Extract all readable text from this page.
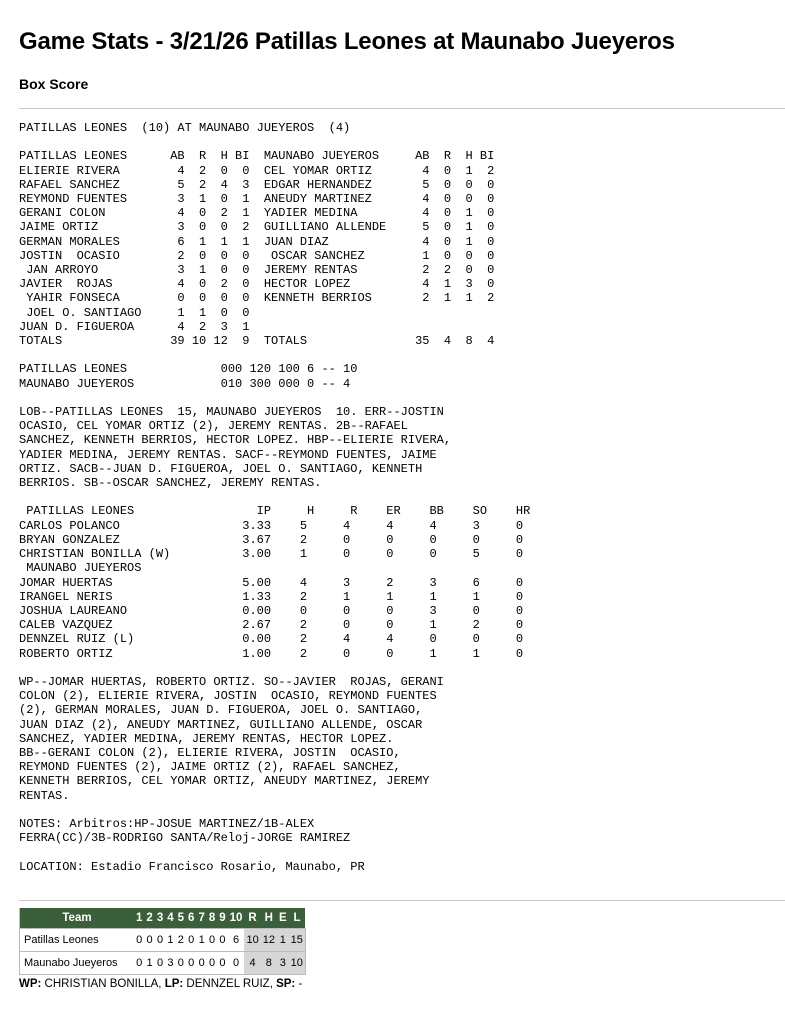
Game Stats - 3/21/26 Patillas Leones at Maunabo Jueyeros
Box Score
PATILLAS LEONES  (10) AT MAUNABO JUEYEROS  (4)

PATILLAS LEONES      AB  R  H BI  MAUNABO JUEYEROS     AB  R  H BI
ELIERIE RIVERA        4  2  0  0  CEL YOMAR ORTIZ       4  0  1  2
RAFAEL SANCHEZ        5  2  4  3  EDGAR HERNANDEZ       5  0  0  0
REYMOND FUENTES       3  1  0  1  ANEUDY MARTINEZ       4  0  0  0
GERANI COLON          4  0  2  1  YADIER MEDINA         4  0  1  0
JAIME ORTIZ           3  0  0  2  GUILLIANO ALLENDE     5  0  1  0
GERMAN MORALES        6  1  1  1  JUAN DIAZ             4  0  1  0
JOSTIN  OCASIO        2  0  0  0   OSCAR SANCHEZ        1  0  0  0
JAN ARROYO           3  1  0  0  JEREMY RENTAS         2  2  0  0
JAVIER  ROJAS         4  0  2  0  HECTOR LOPEZ          4  1  3  0
YAHIR FONSECA        0  0  0  0  KENNETH BERRIOS       2  1  1  2
JOEL O. SANTIAGO     1  1  0  0
JUAN D. FIGUEROA      4  2  3  1
TOTALS               39 10 12  9  TOTALS               35  4  8  4

PATILLAS LEONES             000 120 100 6 -- 10
MAUNABO JUEYEROS            010 300 000 0 -- 4

LOB--PATILLAS LEONES  15, MAUNABO JUEYEROS  10. ERR--JOSTIN
OCASIO, CEL YOMAR ORTIZ (2), JEREMY RENTAS. 2B--RAFAEL
SANCHEZ, KENNETH BERRIOS, HECTOR LOPEZ. HBP--ELIERIE RIVERA,
YADIER MEDINA, JEREMY RENTAS. SACF--REYMOND FUENTES, JAIME
ORTIZ. SACB--JUAN D. FIGUEROA, JOEL O. SANTIAGO, KENNETH
BERRIOS. SB--OSCAR SANCHEZ, JEREMY RENTAS.

PATILLAS LEONES                 IP     H     R    ER    BB    SO    HR
CARLOS POLANCO                 3.33    5     4     4     4     3     0
BRYAN GONZALEZ                 3.67    2     0     0     0     0     0
CHRISTIAN BONILLA (W)          3.00    1     0     0     0     5     0
MAUNABO JUEYEROS
JOMAR HUERTAS                  5.00    4     3     2     3     6     0
IRANGEL NERIS                  1.33    2     1     1     1     1     0
JOSHUA LAUREANO                0.00    0     0     0     3     0     0
CALEB VAZQUEZ                  2.67    2     0     0     1     2     0
DENNZEL RUIZ (L)               0.00    2     4     4     0     0     0
ROBERTO ORTIZ                  1.00    2     0     0     1     1     0

WP--JOMAR HUERTAS, ROBERTO ORTIZ. SO--JAVIER  ROJAS, GERANI
COLON (2), ELIERIE RIVERA, JOSTIN  OCASIO, REYMOND FUENTES
(2), GERMAN MORALES, JUAN D. FIGUEROA, JOEL O. SANTIAGO,
JUAN DIAZ (2), ANEUDY MARTINEZ, GUILLIANO ALLENDE, OSCAR
SANCHEZ, YADIER MEDINA, JEREMY RENTAS, HECTOR LOPEZ.
BB--GERANI COLON (2), ELIERIE RIVERA, JOSTIN  OCASIO,
REYMOND FUENTES (2), JAIME ORTIZ (2), RAFAEL SANCHEZ,
KENNETH BERRIOS, CEL YOMAR ORTIZ, ANEUDY MARTINEZ, JEREMY
RENTAS.

NOTES: Arbitros:HP-JOSUE MARTINEZ/1B-ALEX
FERRA(CC)/3B-RODRIGO SANTA/Reloj-JORGE RAMIREZ

LOCATION: Estadio Francisco Rosario, Maunabo, PR
Team	1	2	3	4	5	6	7	8	9	10	R	H	E	L
Patillas Leones	0	0	0	1	2	0	1	0	0	6	10	12	1	15
Maunabo Jueyeros	0	1	0	3	0	0	0	0	0	0	4	8	3	10
WP: CHRISTIAN BONILLA, LP: DENNZEL RUIZ, SP: -
